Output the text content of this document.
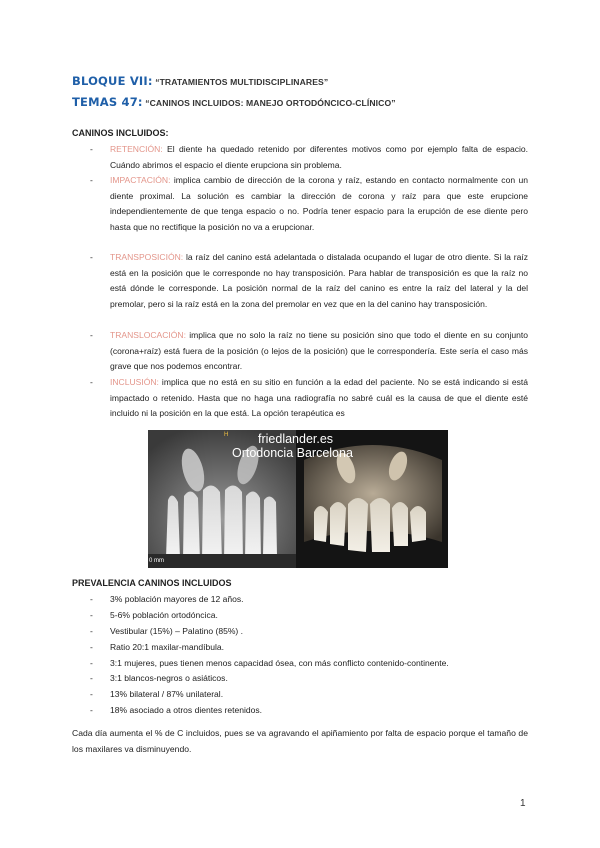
BLOQUE VII: “TRATAMIENTOS MULTIDISCIPLINARES”
TEMAS 47: “CANINOS INCLUIDOS: MANEJO ORTODÓNCICO-CLÍNICO”
CANINOS INCLUIDOS:
- RETENCIÓN: El diente ha quedado retenido por diferentes motivos como por ejemplo falta de espacio. Cuándo abrimos el espacio el diente erupciona sin problema.
- IMPACTACIÓN: implica cambio de dirección de la corona y raíz, estando en contacto normalmente con un diente proximal. La solución es cambiar la dirección de corona y raíz para que este erupcione independientemente de que tenga espacio o no. Podría tener espacio para la erupción de ese diente pero hasta que no rectifique la posición no va a erupcionar.
- TRANSPOSICIÓN: la raíz del canino está adelantada o distalada ocupando el lugar de otro diente. Si la raíz está en la posición que le corresponde no hay transposición. Para hablar de transposición es que la raíz no está dónde le corresponde. La posición normal de la raíz del canino es entre la raíz del lateral y la del premolar, pero si la raíz está en la zona del premolar en vez que en la del canino hay transposición.
- TRANSLOCACIÓN: implica que no solo la raíz no tiene su posición sino que todo el diente en su conjunto (corona+raíz) está fuera de la posición (o lejos de la posición) que le correspondería. Este sería el caso más grave que nos podemos encontrar.
- INCLUSIÓN: implica que no está en su sitio en función a la edad del paciente. No se está indicando si está impactado o retenido. Hasta que no haga una radiografía no sabré cuál es la causa de que el diente esté incluido ni la posición en la que está. La opción terapéutica es
H friedlander.es
Ortodoncia Barcelona
0 mm
PREVALENCIA CANINOS INCLUIDOS
- 3% población mayores de 12 años.
- 5-6% población ortodóncica.
- Vestibular (15%) – Palatino (85%) .
- Ratio 20:1 maxilar-mandíbula.
- 3:1 mujeres, pues tienen menos capacidad ósea, con más conflicto contenido-continente.
- 3:1 blancos-negros o asiáticos.
- 13% bilateral / 87% unilateral.
- 18% asociado a otros dientes retenidos.
Cada día aumenta el % de C incluidos, pues se va agravando el apiñamiento por falta de espacio porque el tamaño de los maxilares va disminuyendo.
1
